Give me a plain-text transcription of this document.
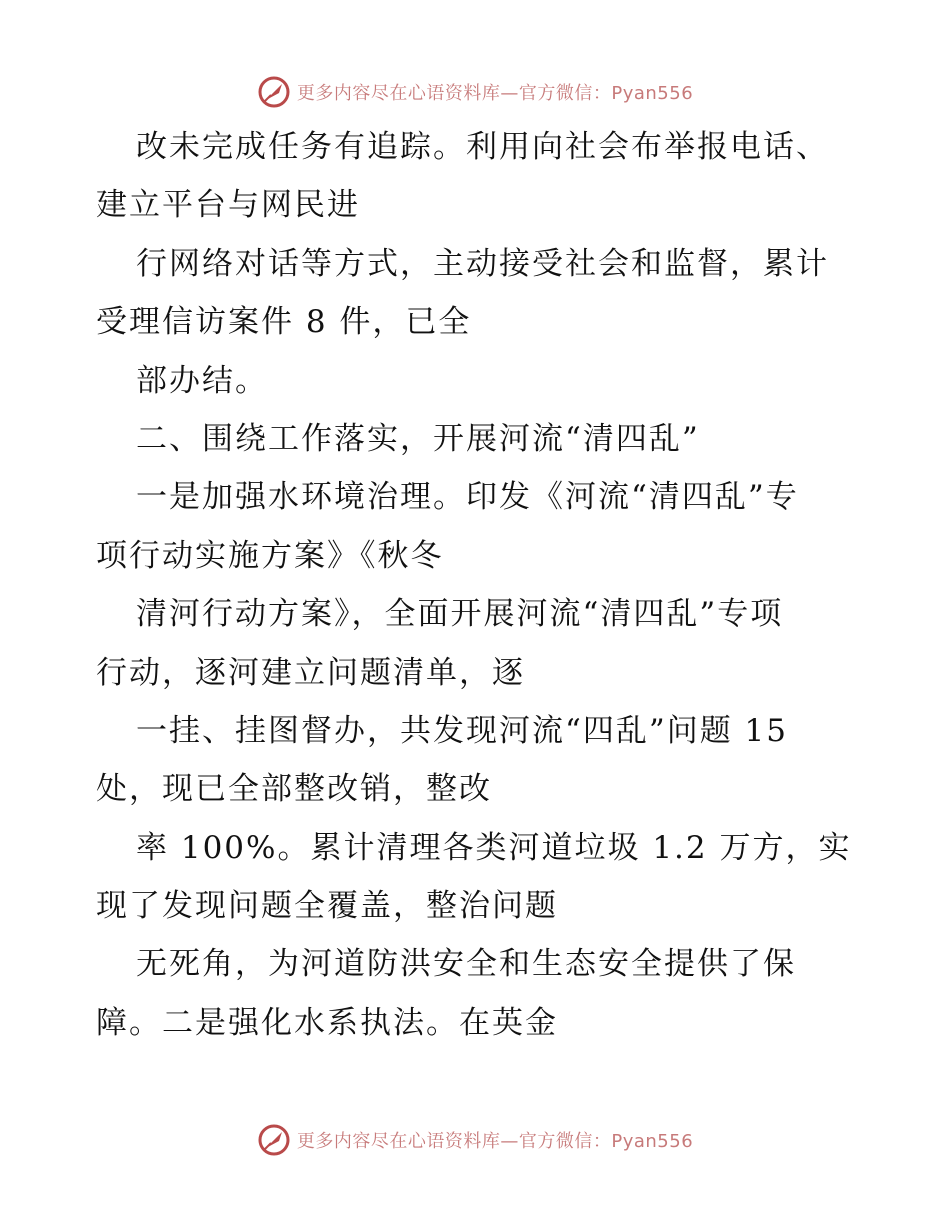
更多内容尽在心语资料库—官方微信：Pyan556
改未完成任务有追踪。利用向社会布举报电话、
建立平台与网民进
行网络对话等方式，主动接受社会和监督，累计
受理信访案件 8 件，已全
部办结。
二、围绕工作落实，开展河流“清四乱”
一是加强水环境治理。印发《河流“清四乱”专
项行动实施方案》《秋冬
清河行动方案》，全面开展河流“清四乱”专项
行动，逐河建立问题清单，逐
一挂、挂图督办，共发现河流“四乱”问题 15
处，现已全部整改销，整改
率 100%。累计清理各类河道垃圾 1.2 万方，实
现了发现问题全覆盖，整治问题
无死角，为河道防洪安全和生态安全提供了保
障。二是强化水系执法。在英金
更多内容尽在心语资料库—官方微信：Pyan556
